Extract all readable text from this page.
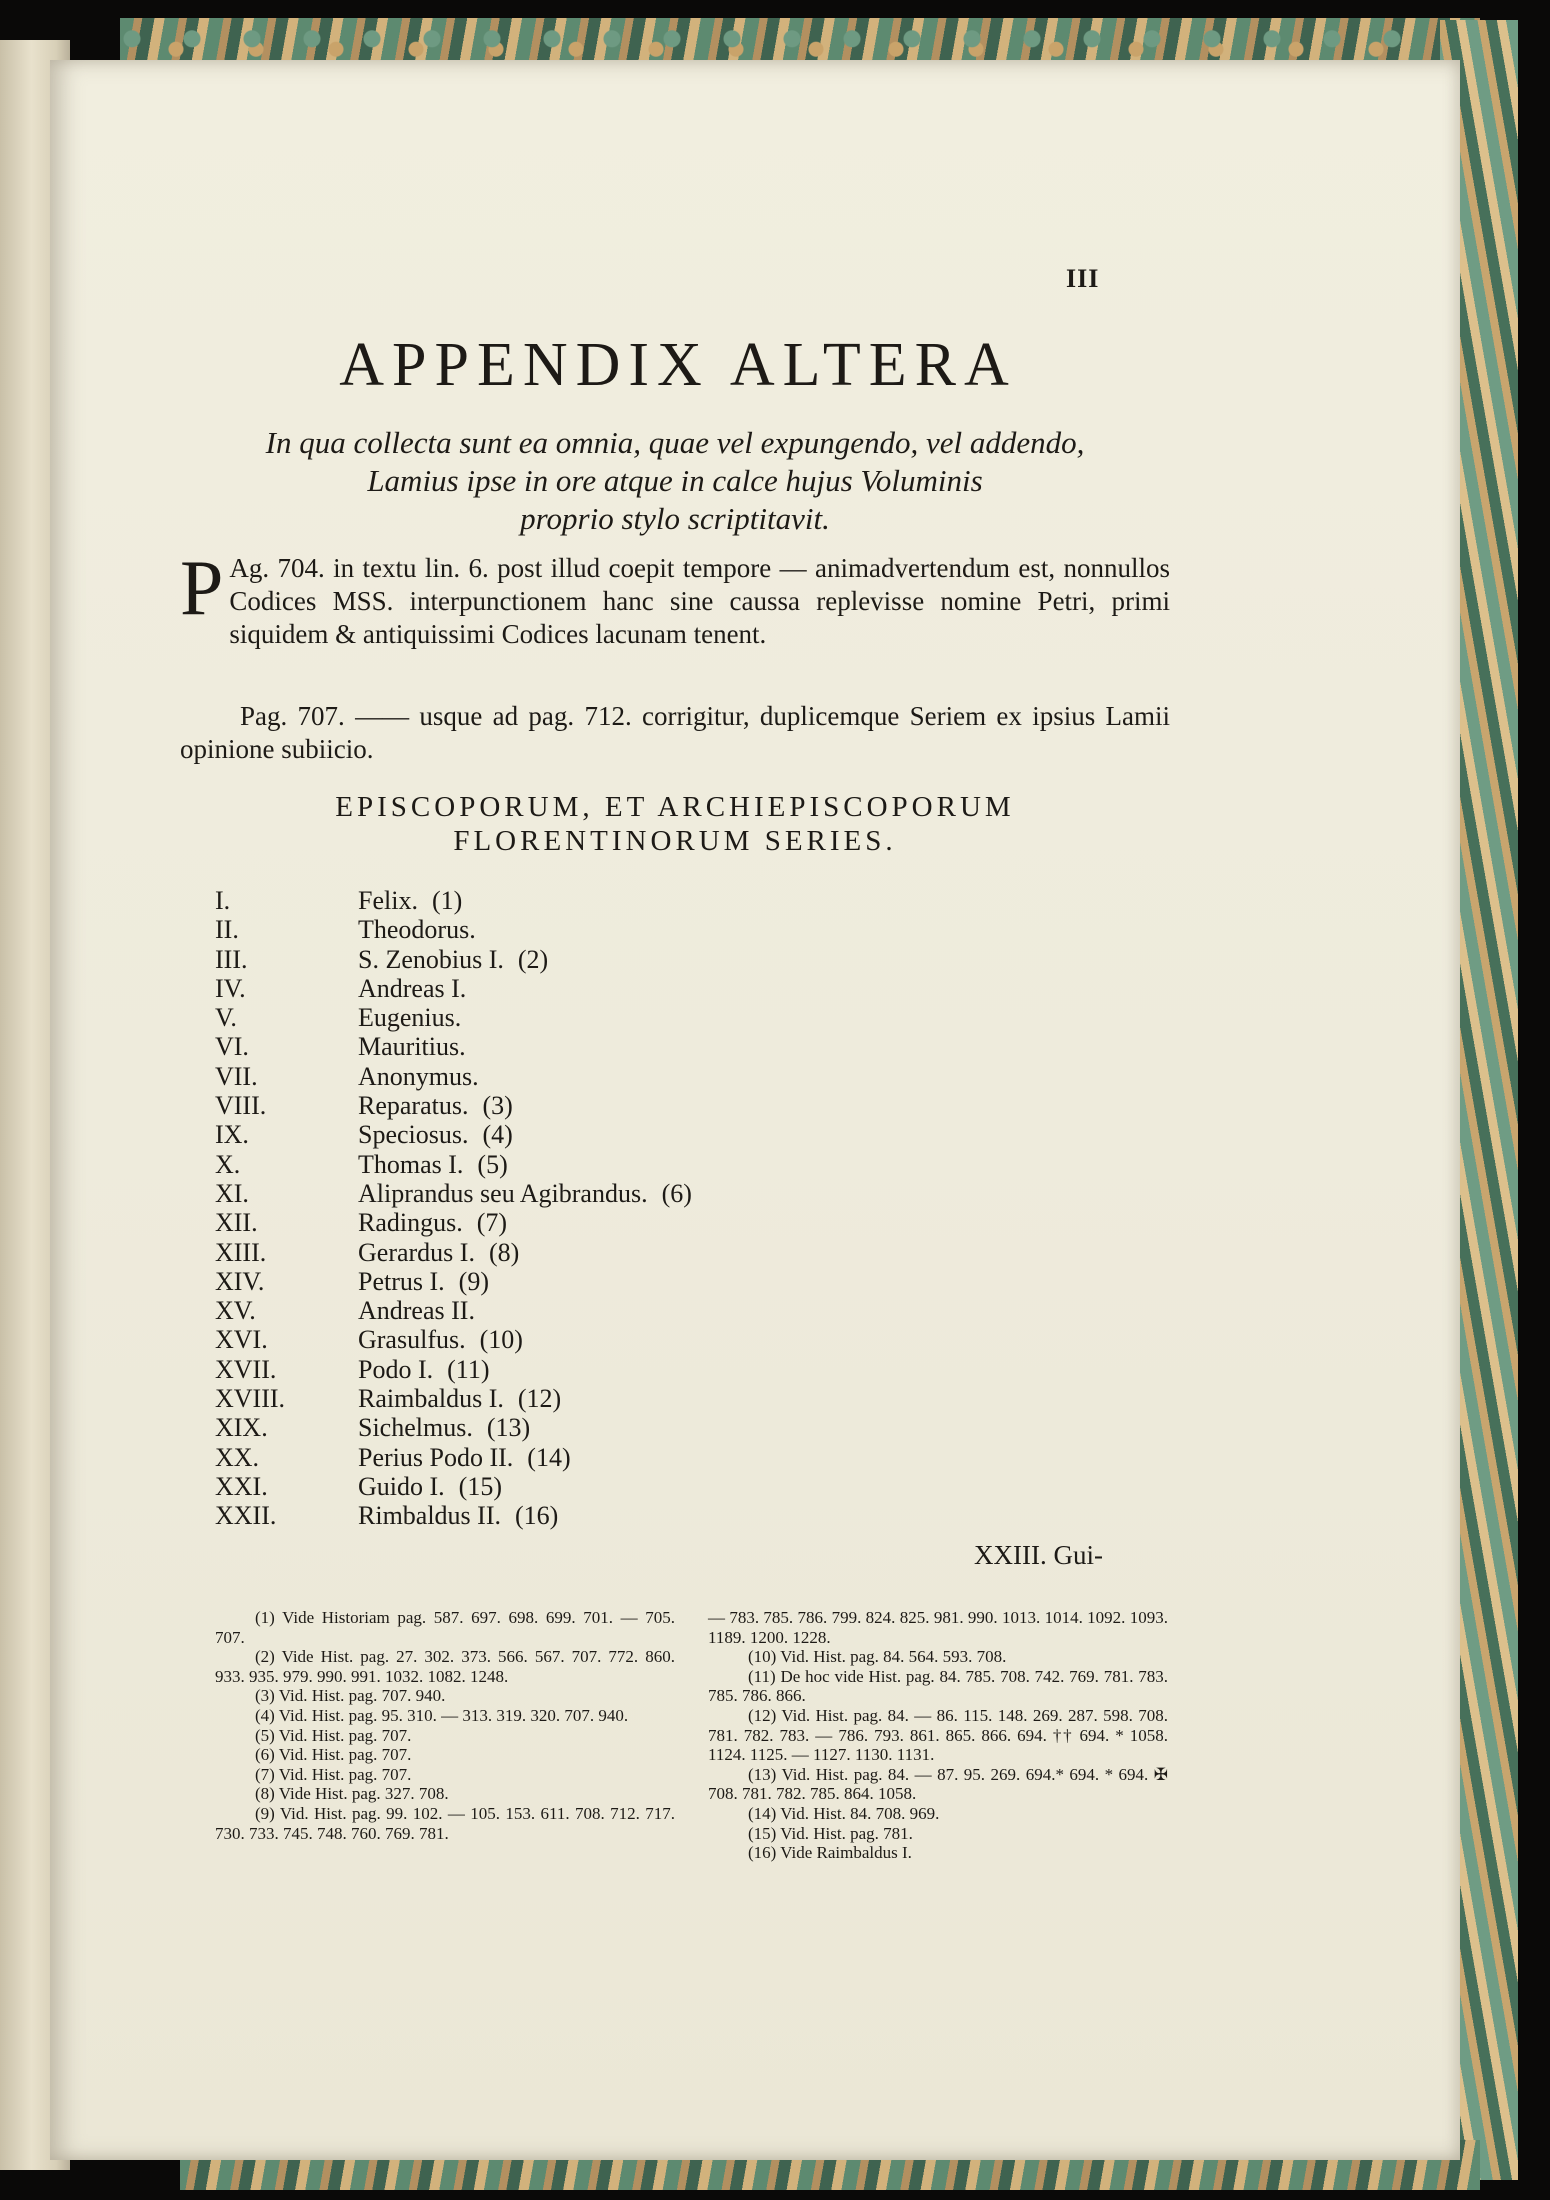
III
APPENDIX ALTERA
In qua collecta sunt ea omnia, quae vel expungendo, vel addendo,
Lamius ipse in ore atque in calce hujus Voluminis
proprio stylo scriptitavit.
P Ag. 704. in textu lin. 6. post illud coepit tempore — animadvertendum est, nonnullos Codices MSS. interpunctionem hanc sine caussa replevisse nomine Petri, primi siquidem & antiquissimi Codices lacunam tenent.
Pag. 707. —— usque ad pag. 712. corrigitur, duplicemque Seriem ex ipsius Lamii opinione subiicio.
EPISCOPORUM, ET ARCHIEPISCOPORUM
FLORENTINORUM SERIES.
I.	Felix. (1)
II.	Theodorus.
III.	S. Zenobius I. (2)
IV.	Andreas I.
V.	Eugenius.
VI.	Mauritius.
VII.	Anonymus.
VIII.	Reparatus. (3)
IX.	Speciosus. (4)
X.	Thomas I. (5)
XI.	Aliprandus seu Agibrandus. (6)
XII.	Radingus. (7)
XIII.	Gerardus I. (8)
XIV.	Petrus I. (9)
XV.	Andreas II.
XVI.	Grasulfus. (10)
XVII.	Podo I. (11)
XVIII.	Raimbaldus I. (12)
XIX.	Sichelmus. (13)
XX.	Perius Podo II. (14)
XXI.	Guido I. (15)
XXII.	Rimbaldus II. (16)
XXIII. Gui-
(1) Vide Historiam pag. 587. 697. 698. 699. 701. — 705. 707.
(2) Vide Hist. pag. 27. 302. 373. 566. 567. 707. 772. 860. 933. 935. 979. 990. 991. 1032. 1082. 1248.
(3) Vid. Hist. pag. 707. 940.
(4) Vid. Hist. pag. 95. 310. — 313. 319. 320. 707. 940.
(5) Vid. Hist. pag. 707.
(6) Vid. Hist. pag. 707.
(7) Vid. Hist. pag. 707.
(8) Vide Hist. pag. 327. 708.
(9) Vid. Hist. pag. 99. 102. — 105. 153. 611. 708. 712. 717. 730. 733. 745. 748. 760. 769. 781.
— 783. 785. 786. 799. 824. 825. 981. 990. 1013. 1014. 1092. 1093. 1189. 1200. 1228.
(10) Vid. Hist. pag. 84. 564. 593. 708.
(11) De hoc vide Hist. pag. 84. 785. 708. 742. 769. 781. 783. 785. 786. 866.
(12) Vid. Hist. pag. 84. — 86. 115. 148. 269. 287. 598. 708. 781. 782. 783. — 786. 793. 861. 865. 866. 694. †† 694. * 1058. 1124. 1125. — 1127. 1130. 1131.
(13) Vid. Hist. pag. 84. — 87. 95. 269. 694.* 694. * 694. ✠ 708. 781. 782. 785. 864. 1058.
(14) Vid. Hist. 84. 708. 969.
(15) Vid. Hist. pag. 781.
(16) Vide Raimbaldus I.
